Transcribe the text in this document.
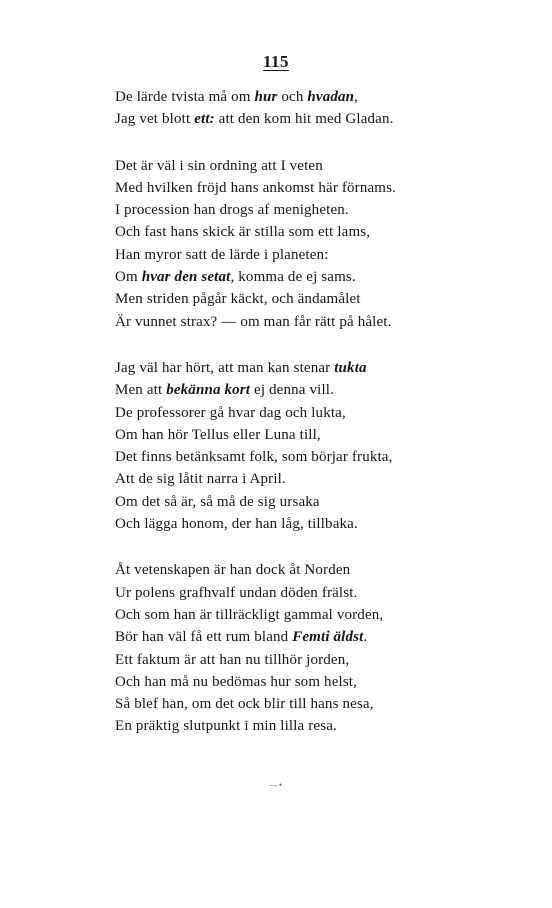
115
De lärde tvista må om hur och hvadan,
Jag vet blott ett: att den kom hit med Gladan.
Det är väl i sin ordning att I veten
Med hvilken fröjd hans ankomst här förnams.
I procession han drogs af menigheten.
Och fast hans skick är stilla som ett lams,
Han myror satt de lärde i planeten:
Om hvar den setat, komma de ej sams.
Men striden pågår käckt, och ändamålet
Är vunnet strax? — om man får rätt på hålet.
Jag väl har hört, att man kan stenar tukta
Men att bekänna kort ej denna vill.
De professorer gå hvar dag och lukta,
Om han hör Tellus eller Luna till,
Det finns betänksamt folk, som börjar frukta,
Att de sig låtit narra i April.
Om det så är, så må de sig ursaka
Och lägga honom, der han låg, tillbaka.
Åt vetenskapen är han dock åt Norden
Ur polens grafhvalf undan döden frälst.
Och som han är tillräckligt gammal vorden,
Bör han väl få ett rum bland Femti äldst.
Ett faktum är att han nu tillhör jorden,
Och han må nu bedömas hur som helst,
Så blef han, om det ock blir till hans nesa,
En präktig slutpunkt i min lilla resa.
—•
